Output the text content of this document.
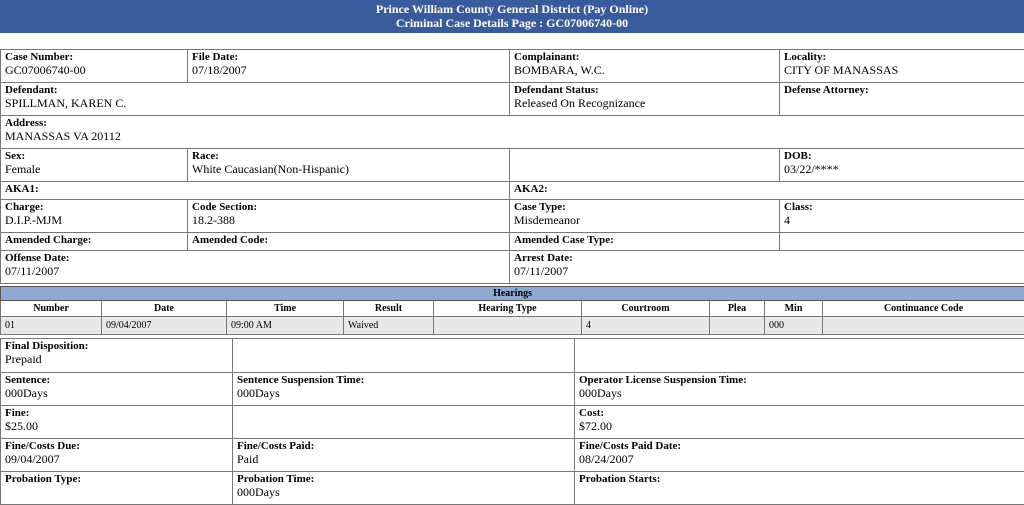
Prince William County General District (Pay Online)
Criminal Case Details Page : GC07006740-00
Case Number:
GC07006740-00	File Date:
07/18/2007	Complainant:
BOMBARA, W.C.	Locality:
CITY OF MANASSAS

Defendant:
SPILLMAN, KAREN C.		Defendant Status:
Released On Recognizance	Defense Attorney:

Address:
MANASSAS VA 20112			

Sex:
Female	Race:
White Caucasian(Non-Hispanic)		DOB:
03/22/****

AKA1:		AKA2:	

Charge:
D.I.P.-MJM	Code Section:
18.2-388	Case Type:
Misdemeanor	Class:
4

Amended Charge:	Amended Code:	Amended Case Type:	

Offense Date:
07/11/2007		Arrest Date:
07/11/2007	
Hearings								
Number	Date	Time	Result	Hearing Type	Courtroom	Plea	Min	Continuance Code
01	09/04/2007	09:00 AM	Waived		4		000	
Final Disposition:
Prepaid		

Sentence:
000Days	Sentence Suspension Time:
000Days	Operator License Suspension Time:
000Days

Fine:
$25.00		Cost:
$72.00

Fine/Costs Due:
09/04/2007	Fine/Costs Paid:
Paid	Fine/Costs Paid Date:
08/24/2007

Probation Type:	Probation Time:
000Days	Probation Starts:
